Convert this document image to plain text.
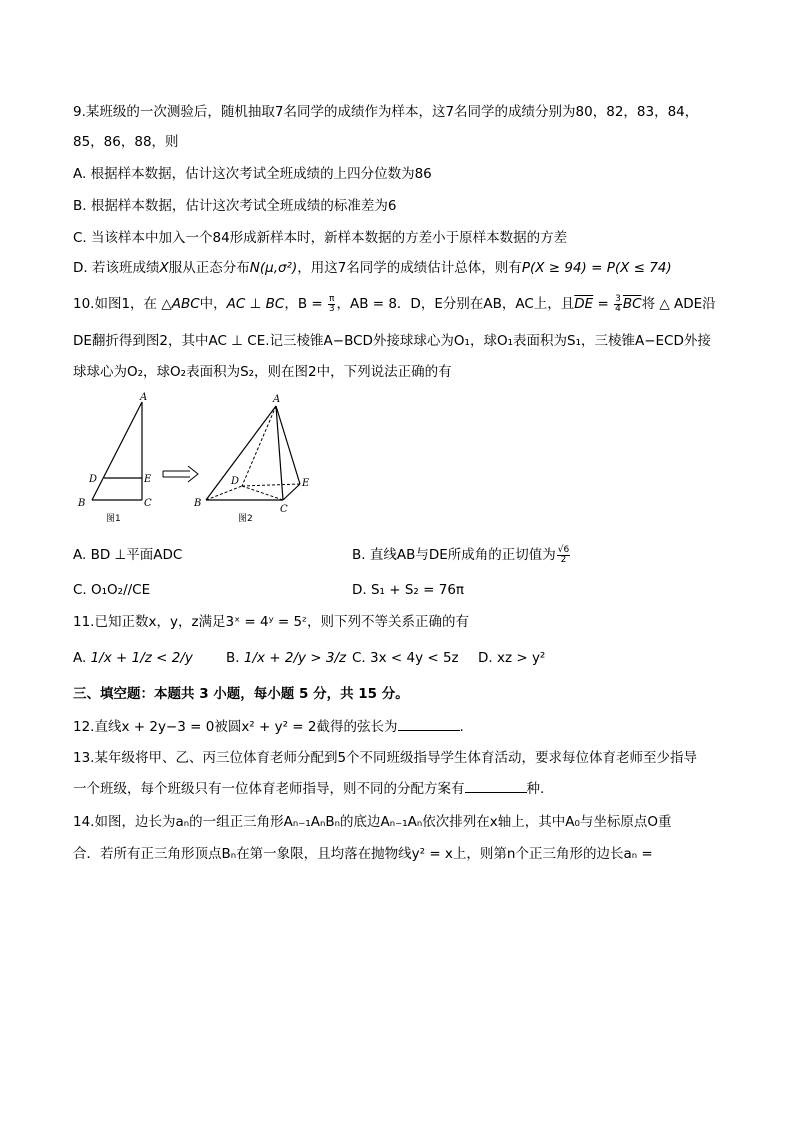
9.某班级的一次测验后，随机抽取7名同学的成绩作为样本，这7名同学的成绩分别为80，82，83，84，
85，86，88，则
A. 根据样本数据，估计这次考试全班成绩的上四分位数为86
B. 根据样本数据，估计这次考试全班成绩的标准差为6
C. 当该样本中加入一个84形成新样本时，新样本数据的方差小于原样本数据的方差
D. 若该班成绩X服从正态分布N(μ,σ²)，用这7名同学的成绩估计总体，则有P(X ≥ 94) = P(X ≤ 74)
10.如图1，在 △ABC中，AC ⊥ BC，$B = \frac{\pi}{3}$ ，AB = 8．D，E分别在AB，AC上，且$\overline{DE} = \frac{3}{4} \overline{BC}$将 △ ADE沿
DE翻折得到图2，其中AC ⊥ CE.记三棱锥A−BCD外接球球心为O₁，球O₁表面积为S₁，三棱锥A−ECD外接
球球心为O₂，球O₂表面积为S₂，则在图2中，下列说法正确的有
A
B	C
D	E
图1
A
B
C
D	E
图2
A. BD ⊥平面ADC	B. 直线AB与DE所成角的正切值为 $\frac{√6}{2}$
C. O₁O₂//CE	D. S₁ + S₂ = 76π
11.已知正数x，y，z满足3ˣ = 4ʸ = 5ᶻ，则下列不等关系正确的有
A. 1/x + 1/z < 2/y B. 1/x + 2/y > 3/z C. 3x < 4y < 5z D. xz > y²
三、填空题：本题共 3 小题，每小题 5 分，共 15 分。
12.直线x + 2y−3 = 0被圆x² + y² = 2截得的弦长为	.
13.某年级将甲、乙、丙三位体育老师分配到5个不同班级指导学生体育活动，要求每位体育老师至少指导
一个班级，每个班级只有一位体育老师指导，则不同的分配方案有	种.
14.如图，边长为aₙ的一组正三角形Aₙ₋₁AₙBₙ的底边Aₙ₋₁Aₙ依次排列在x轴上，其中A₀与坐标原点O重
合．若所有正三角形顶点Bₙ在第一象限，且均落在抛物线y² = x上，则第n个正三角形的边长aₙ =
